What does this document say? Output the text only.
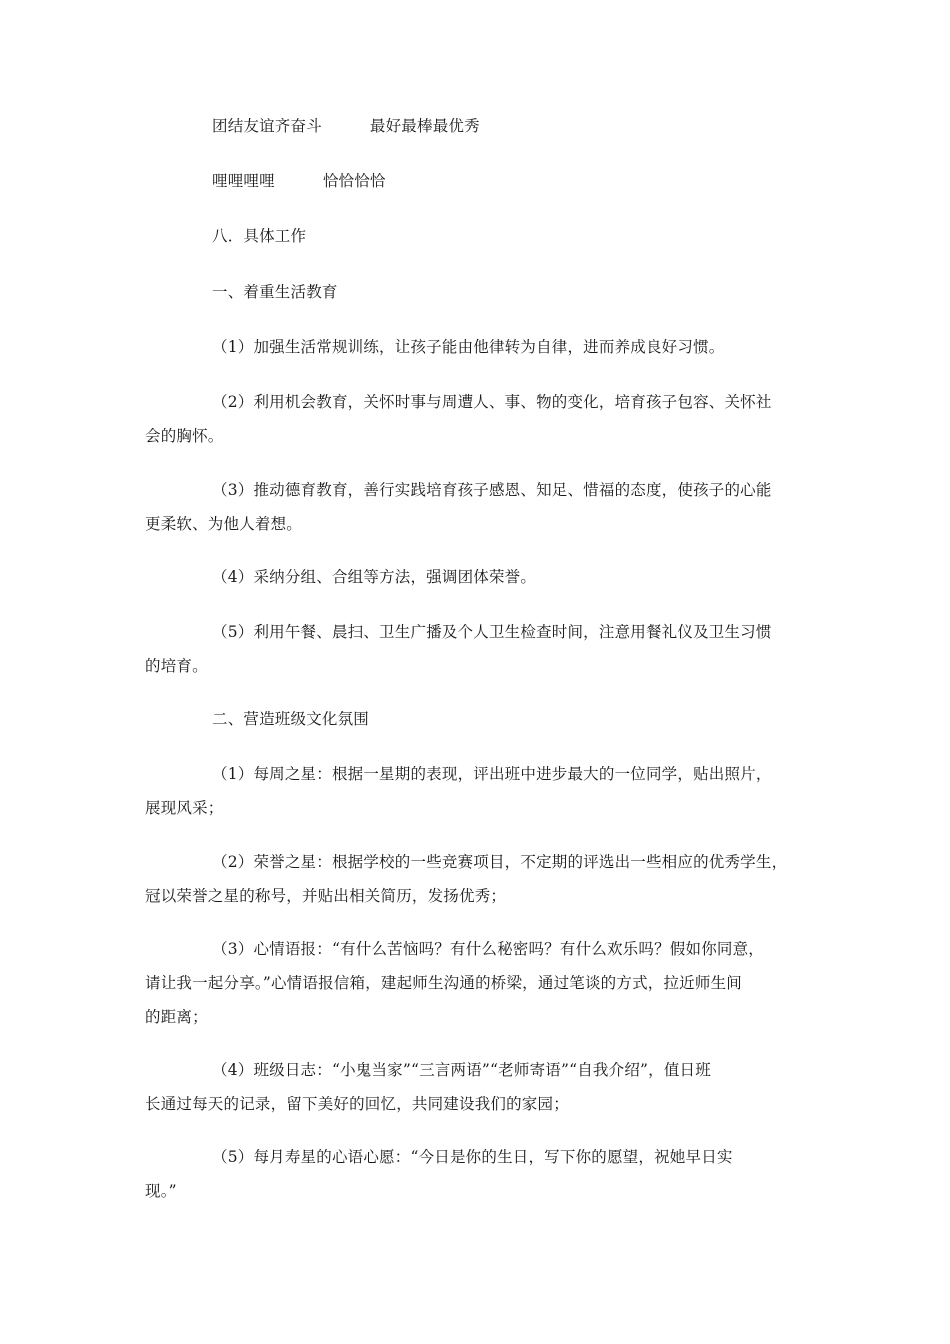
团结友谊齐奋斗	最好最棒最优秀
哩哩哩哩	恰恰恰恰
八．具体工作
一、着重生活教育
（1）加强生活常规训练，让孩子能由他律转为自律，进而养成良好习惯。
（2）利用机会教育，关怀时事与周遭人、事、物的变化，培育孩子包容、关怀社
会的胸怀。
（3）推动德育教育，善行实践培育孩子感恩、知足、惜福的态度，使孩子的心能
更柔软、为他人着想。
（4）采纳分组、合组等方法，强调团体荣誉。
（5）利用午餐、晨扫、卫生广播及个人卫生检查时间，注意用餐礼仪及卫生习惯
的培育。
二、营造班级文化氛围
（1）每周之星：根据一星期的表现，评出班中进步最大的一位同学，贴出照片，
展现风采；
（2）荣誉之星：根据学校的一些竞赛项目，不定期的评选出一些相应的优秀学生，
冠以荣誉之星的称号，并贴出相关简历，发扬优秀；
（3）心情语报：“有什么苦恼吗？有什么秘密吗？有什么欢乐吗？假如你同意，
请让我一起分享。”心情语报信箱，建起师生沟通的桥梁，通过笔谈的方式，拉近师生间
的距离；
（4）班级日志：“小鬼当家”“三言两语”“老师寄语”“自我介绍”，值日班
长通过每天的记录，留下美好的回忆，共同建设我们的家园；
（5）每月寿星的心语心愿：“今日是你的生日，写下你的愿望，祝她早日实
现。”
